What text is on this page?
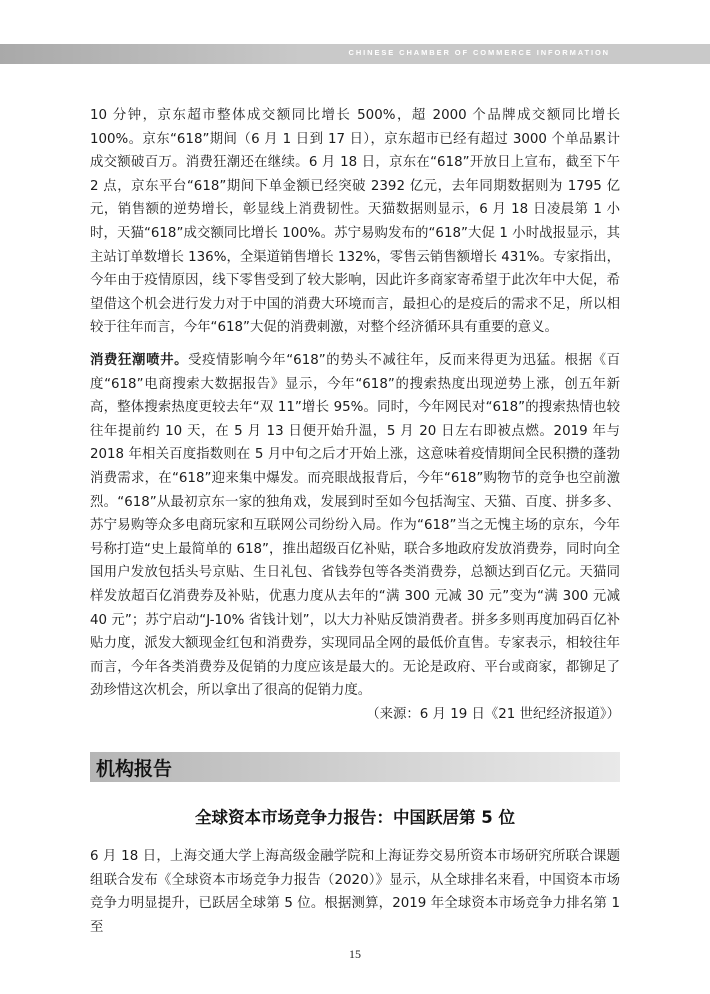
CHINESE CHAMBER OF COMMERCE INFORMATION

10 分钟，京东超市整体成交额同比增长 500%，超 2000 个品牌成交额同比增长 100%。京东“618”期间（6 月 1 日到 17 日），京东超市已经有超过 3000 个单品累计成交额破百万。消费狂潮还在继续。6 月 18 日，京东在“618”开放日上宣布，截至下午 2 点，京东平台“618”期间下单金额已经突破 2392 亿元，去年同期数据则为 1795 亿元，销售额的逆势增长，彰显线上消费韧性。天猫数据则显示，6 月 18 日凌晨第 1 小时，天猫“618”成交额同比增长 100%。苏宁易购发布的“618”大促 1 小时战报显示，其主站订单数增长 136%，全渠道销售增长 132%，零售云销售额增长 431%。专家指出，今年由于疫情原因，线下零售受到了较大影响，因此许多商家寄希望于此次年中大促，希望借这个机会进行发力对于中国的消费大环境而言，最担心的是疫后的需求不足，所以相较于往年而言，今年“618”大促的消费刺激，对整个经济循环具有重要的意义。

消费狂潮喷井。受疫情影响今年“618”的势头不减往年，反而来得更为迅猛。根据《百度“618”电商搜索大数据报告》显示，今年“618”的搜索热度出现逆势上涨，创五年新高，整体搜索热度更较去年“双 11”增长 95%。同时，今年网民对“618”的搜索热情也较往年提前约 10 天，在 5 月 13 日便开始升温，5 月 20 日左右即被点燃。2019 年与 2018 年相关百度指数则在 5 月中旬之后才开始上涨，这意味着疫情期间全民积攒的蓬勃消费需求，在“618”迎来集中爆发。而亮眼战报背后，今年“618”购物节的竞争也空前激烈。“618”从最初京东一家的独角戏，发展到时至如今包括淘宝、天猫、百度、拼多多、苏宁易购等众多电商玩家和互联网公司纷纷入局。作为“618”当之无愧主场的京东，今年号称打造“史上最简单的 618”，推出超级百亿补贴，联合多地政府发放消费券，同时向全国用户发放包括头号京贴、生日礼包、省钱券包等各类消费券，总额达到百亿元。天猫同样发放超百亿消费券及补贴，优惠力度从去年的“满 300 元减 30 元”变为“满 300 元减 40 元”；苏宁启动“J-10% 省钱计划”，以大力补贴反馈消费者。拼多多则再度加码百亿补贴力度，派发大额现金红包和消费券，实现同品全网的最低价直售。专家表示，相较往年而言，今年各类消费券及促销的力度应该是最大的。无论是政府、平台或商家，都铆足了劲珍惜这次机会，所以拿出了很高的促销力度。
（来源：6 月 19 日《21 世纪经济报道》）

机构报告
全球资本市场竞争力报告：中国跃居第 5 位

6 月 18 日，上海交通大学上海高级金融学院和上海证券交易所资本市场研究所联合课题组联合发布《全球资本市场竞争力报告（2020）》显示，从全球排名来看，中国资本市场竞争力明显提升，已跃居全球第 5 位。根据测算，2019 年全球资本市场竞争力排名第 1 至

15
